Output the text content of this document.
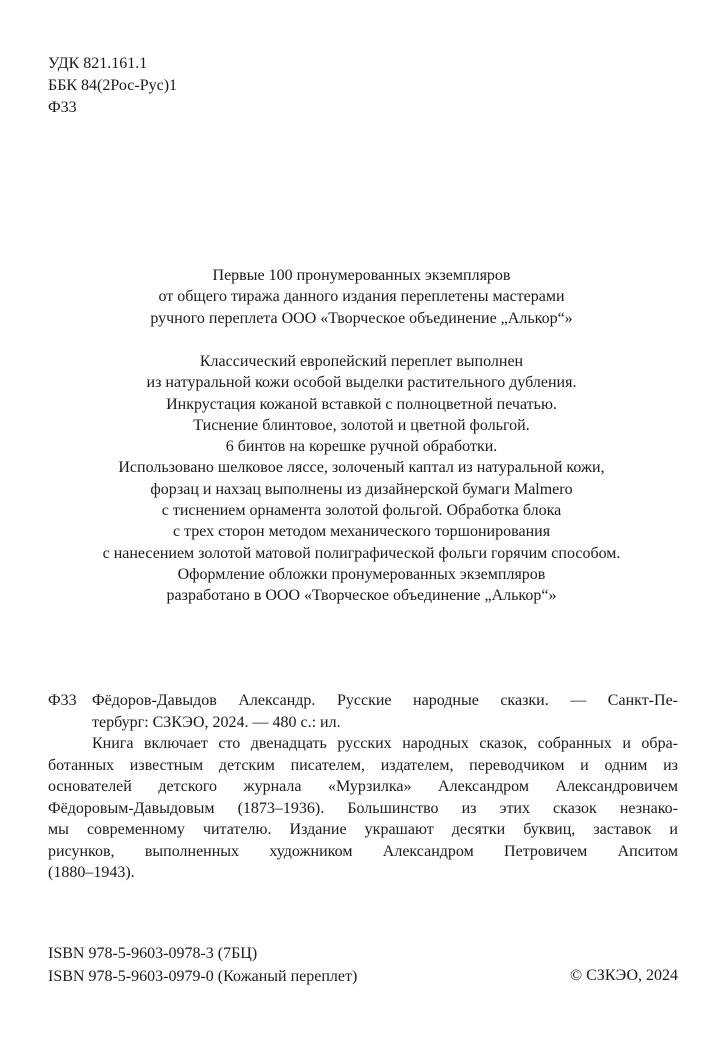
УДК 821.161.1
ББК 84(2Рос-Рус)1
Ф33
Первые 100 пронумерованных экземпляров
от общего тиража данного издания переплетены мастерами
ручного переплета ООО «Творческое объединение „Алькор“»
Классический европейский переплет выполнен
из натуральной кожи особой выделки растительного дубления.
Инкрустация кожаной вставкой с полноцветной печатью.
Тиснение блинтовое, золотой и цветной фольгой.
6 бинтов на корешке ручной обработки.
Использовано шелковое ляссе, золоченый каптал из натуральной кожи,
форзац и нахзац выполнены из дизайнерской бумаги Malmero
с тиснением орнамента золотой фольгой. Обработка блока
с трех сторон методом механического торшонирования
с нанесением золотой матовой полиграфической фольги горячим способом.
Оформление обложки пронумерованных экземпляров
разработано в ООО «Творческое объединение „Алькор“»
Ф33 Фёдоров-Давыдов Александр. Русские народные сказки. — Санкт-Пе-
тербург: СЗКЭО, 2024. — 480 с.: ил.
Книга включает сто двенадцать русских народных сказок, собранных и обра-
ботанных известным детским писателем, издателем, переводчиком и одним из
основателей детского журнала «Мурзилка» Александром Александровичем
Фёдоровым-Давыдовым (1873–1936). Большинство из этих сказок незнако-
мы современному читателю. Издание украшают десятки буквиц, заставок и
рисунков, выполненных художником Александром Петровичем Апситом
(1880–1943).
ISBN 978-5-9603-0978-3 (7БЦ)
ISBN 978-5-9603-0979-0 (Кожаный переплет)	© СЗКЭО, 2024
